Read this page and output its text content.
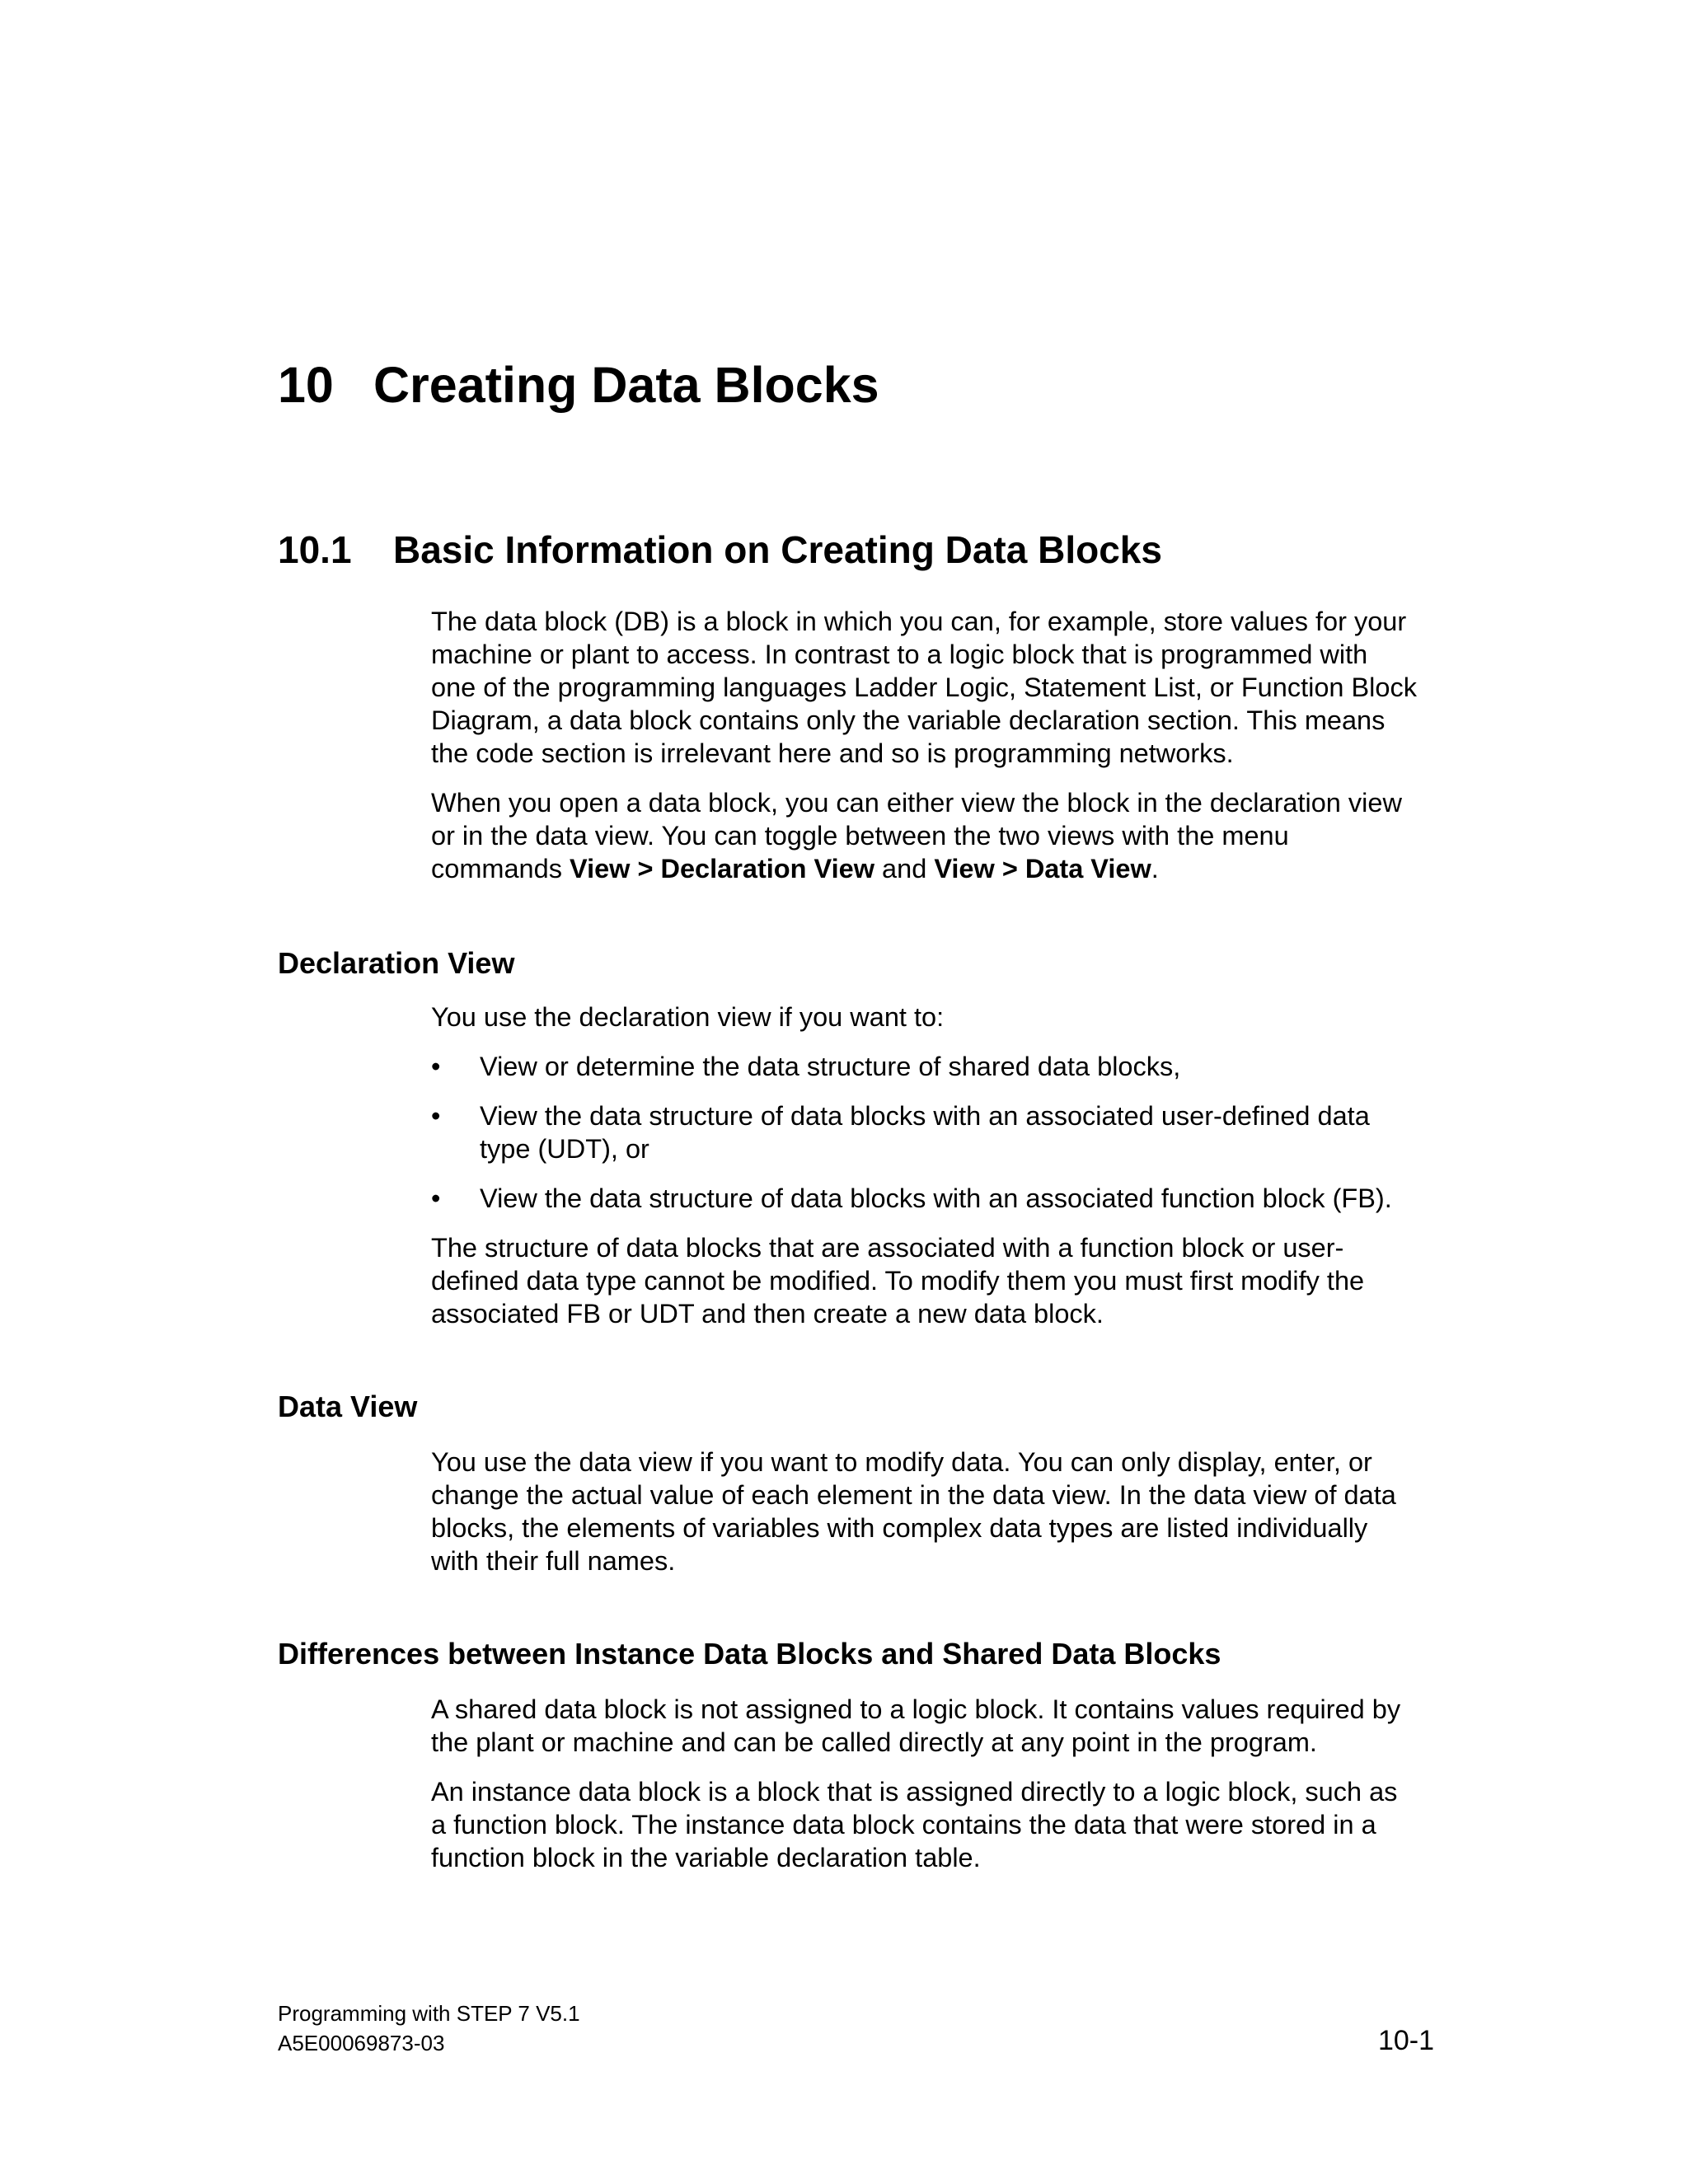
10 Creating Data Blocks
10.1 Basic Information on Creating Data Blocks
The data block (DB) is a block in which you can, for example, store values for your
machine or plant to access. In contrast to a logic block that is programmed with
one of the programming languages Ladder Logic, Statement List, or Function Block
Diagram, a data block contains only the variable declaration section. This means
the code section is irrelevant here and so is programming networks.
When you open a data block, you can either view the block in the declaration view
or in the data view. You can toggle between the two views with the menu
commands View > Declaration View and View > Data View.
Declaration View
You use the declaration view if you want to:
• View or determine the data structure of shared data blocks,
• View the data structure of data blocks with an associated user-defined data
type (UDT), or
• View the data structure of data blocks with an associated function block (FB).
The structure of data blocks that are associated with a function block or user-
defined data type cannot be modified. To modify them you must first modify the
associated FB or UDT and then create a new data block.
Data View
You use the data view if you want to modify data. You can only display, enter, or
change the actual value of each element in the data view. In the data view of data
blocks, the elements of variables with complex data types are listed individually
with their full names.
Differences between Instance Data Blocks and Shared Data Blocks
A shared data block is not assigned to a logic block. It contains values required by
the plant or machine and can be called directly at any point in the program.
An instance data block is a block that is assigned directly to a logic block, such as
a function block. The instance data block contains the data that were stored in a
function block in the variable declaration table.
Programming with STEP 7 V5.1
A5E00069873-03	10-1
